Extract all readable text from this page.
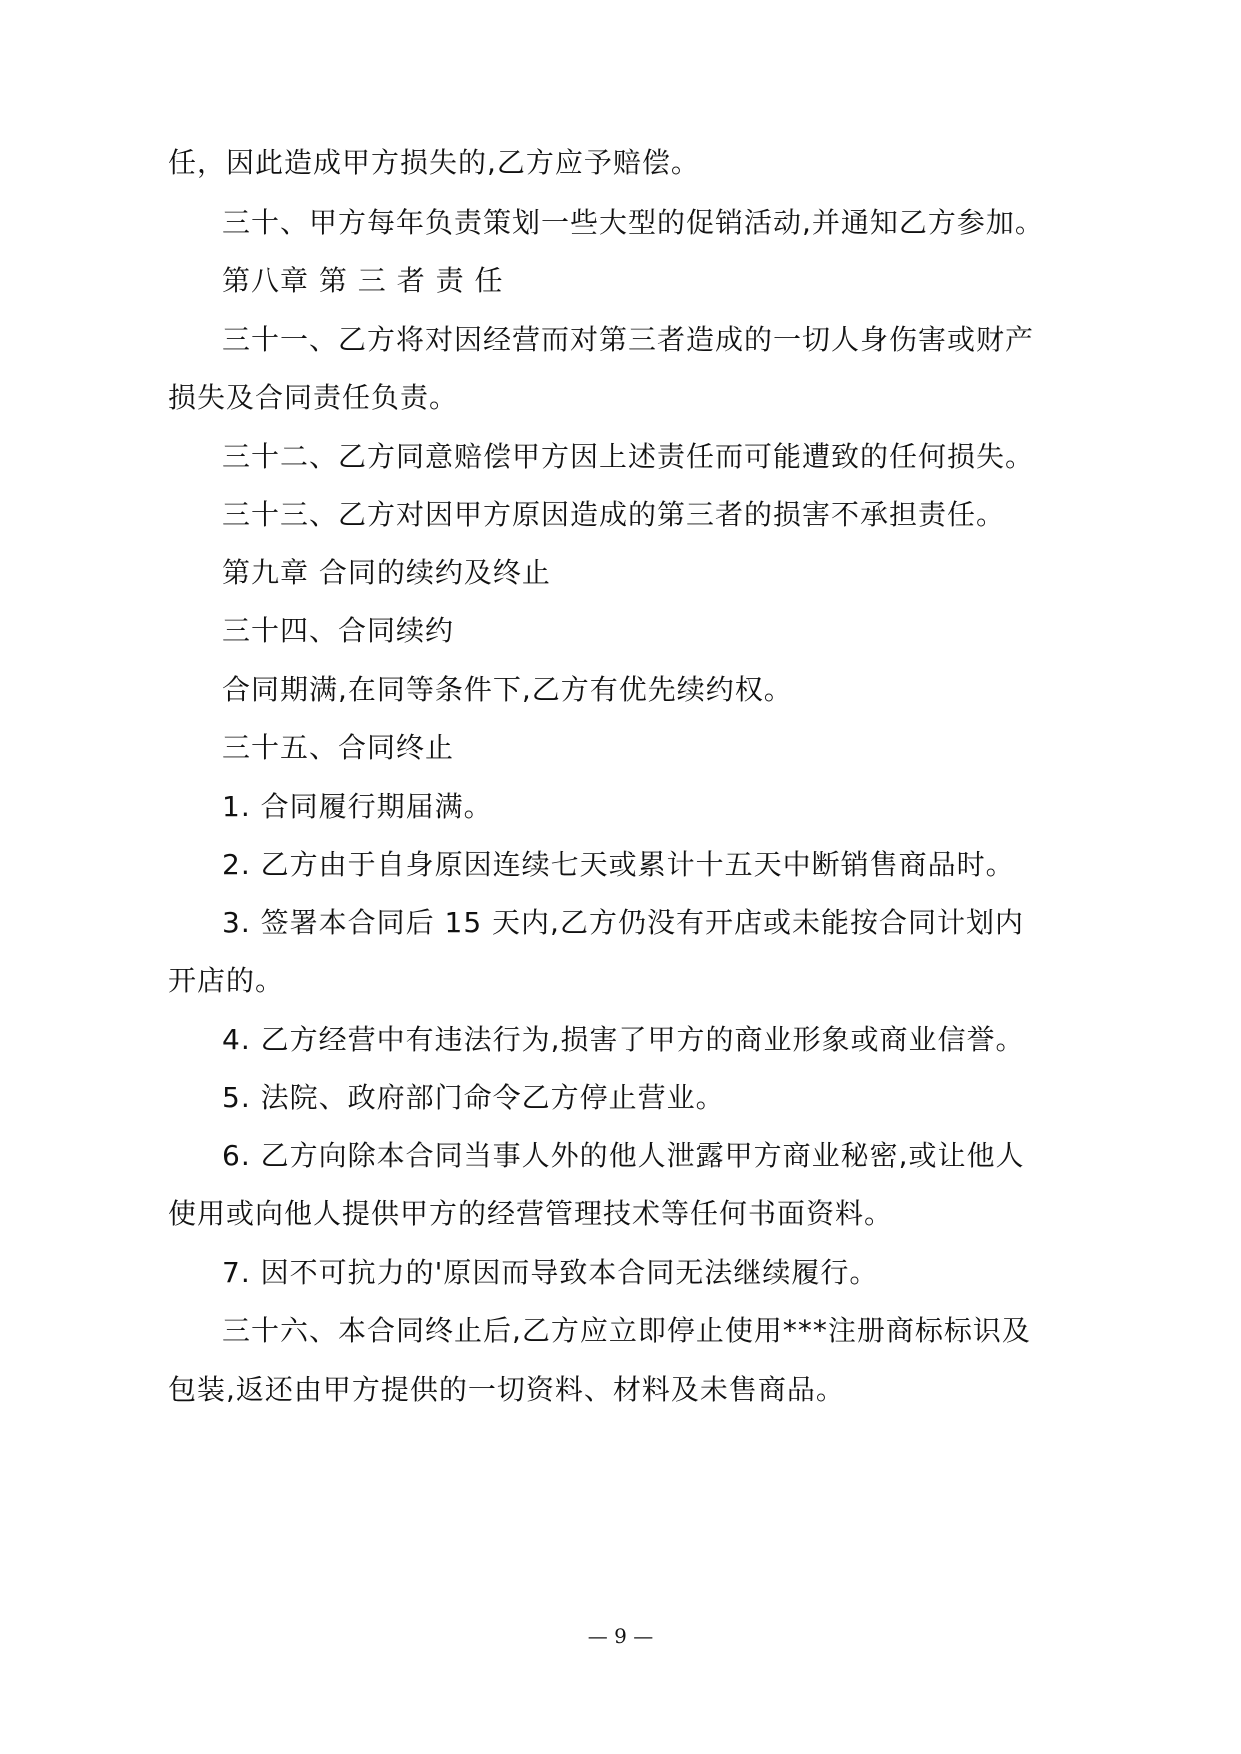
任，因此造成甲方损失的,乙方应予赔偿。
三十、甲方每年负责策划一些大型的促销活动,并通知乙方参加。
第八章 第 三 者 责 任
三十一、乙方将对因经营而对第三者造成的一切人身伤害或财产
损失及合同责任负责。
三十二、乙方同意赔偿甲方因上述责任而可能遭致的任何损失。
三十三、乙方对因甲方原因造成的第三者的损害不承担责任。
第九章 合同的续约及终止
三十四、合同续约
合同期满,在同等条件下,乙方有优先续约权。
三十五、合同终止
1. 合同履行期届满。
2. 乙方由于自身原因连续七天或累计十五天中断销售商品时。
3. 签署本合同后 15 天内,乙方仍没有开店或未能按合同计划内
开店的。
4. 乙方经营中有违法行为,损害了甲方的商业形象或商业信誉。
5. 法院、政府部门命令乙方停止营业。
6. 乙方向除本合同当事人外的他人泄露甲方商业秘密,或让他人
使用或向他人提供甲方的经营管理技术等任何书面资料。
7. 因不可抗力的'原因而导致本合同无法继续履行。
三十六、本合同终止后,乙方应立即停止使用***注册商标标识及
包装,返还由甲方提供的一切资料、材料及未售商品。
— 9 —
